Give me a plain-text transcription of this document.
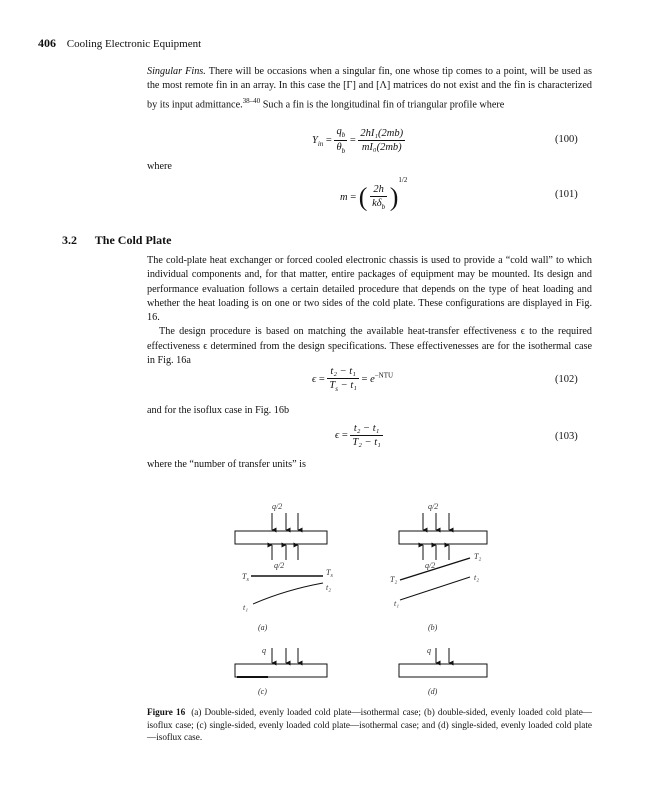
406 Cooling Electronic Equipment

Singular Fins. There will be occasions when a singular fin, one whose tip comes to a point, will be used as the most remote fin in an array. In this case the [Γ] and [Λ] matrices do not exist and the fin is characterized by its input admittance.$^{38-40}$ Such a fin is the longitudinal fin of triangular profile where

$Y_{in} = \frac{q_b}{\theta_b} = \frac{\text{2hI₁(2mb)}}{\text{mI₀(2mb)}}$	(100)
where
m = ( $\frac{2h}{k\delta_b} )^{1/2}$
(101)
3.2 The Cold Plate

The cold-plate heat exchanger or forced cooled electronic chassis is used to provide a “cold wall” to which individual components and, for that matter, entire packages of equipment may be mounted. Its design and performance evaluation follows a certain detailed procedure that depends on the type of heat loading and whether the heat loading is on one or two sides of the cold plate. These configurations are displayed in Fig. 16.

The design procedure is based on matching the available heat-transfer effectiveness ϵ to the required effectiveness ϵ determined from the design specifications. These effectivenesses are for the isothermal case in Fig. 16a

$\epsilon = \frac{\text{t₂ − t₁}}{T_s - t_1} = e^{-NTU}$	(102)
and for the isoflux case in Fig. 16b
$\epsilon = \frac{\text{t₂ − t₁}}{\text{T₂ − t₁}}$	(103)
where the “number of transfer units” is
q/2
q/2
$T_s$
$T_s$
t₂
t₁
(a)
q/2
q/2
T₂
T₂
t₂
t₁
(b)
q
(c)
q
(d)
Figure 16 (a) Double-sided, evenly loaded cold plate—isothermal case; (b) double-sided, evenly loaded cold plate—isoflux case; (c) single-sided, evenly loaded cold plate—isothermal case; and (d) single-sided, evenly loaded cold plate—isoflux case.
